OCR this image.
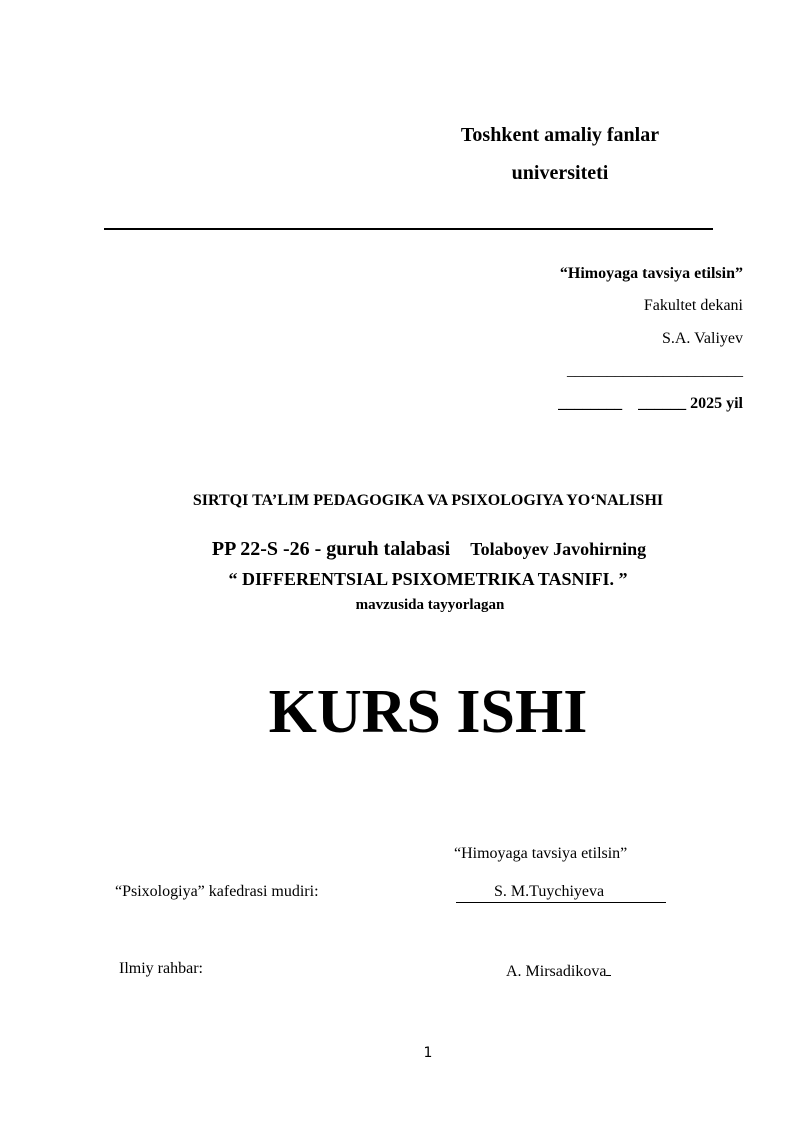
Toshkent amaliy fanlar
universiteti
“Himoyaga tavsiya etilsin”
Fakultet dekani
S.A. Valiyev
______________________
________ ______ 2025 yil
SIRTQI TA’LIM PEDAGOGIKA VA PSIXOLOGIYA YO‘NALISHI
PP 22-S -26 - guruh talabasi Tolaboyev Javohirning
“ DIFFERENTSIAL PSIXOMETRIKA TASNIFI. ”
mavzusida tayyorlagan
KURS ISHI
“Himoyaga tavsiya etilsin”
“Psixologiya” kafedrasi mudiri:	S. M.Tuychiyeva
Ilmiy rahbar:	A. Mirsadikova
1
